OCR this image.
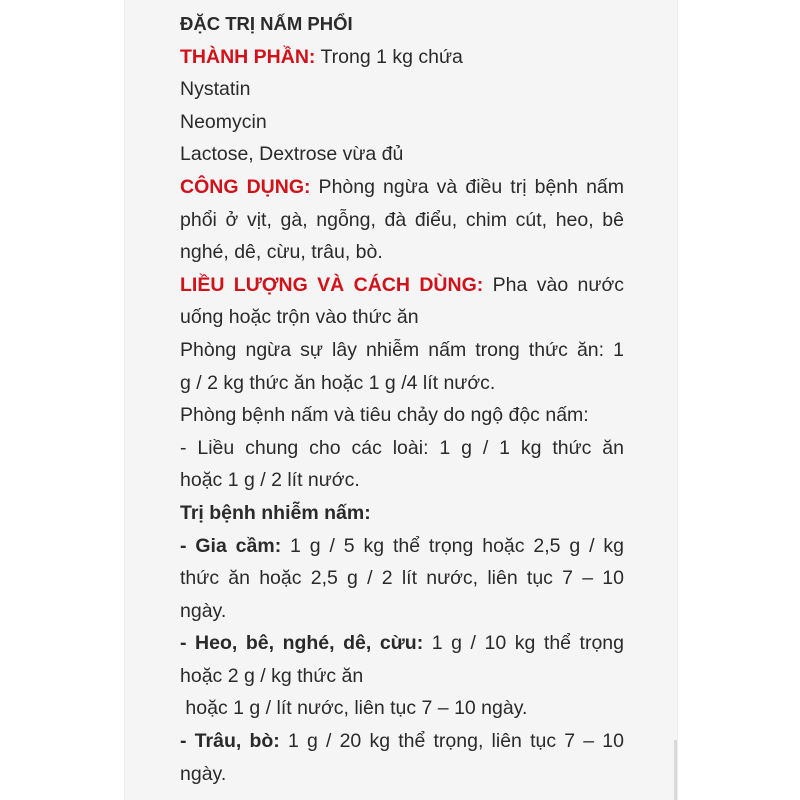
ĐẶC TRỊ NẤM PHỔI
THÀNH PHẦN: Trong 1 kg chứa
Nystatin
Neomycin
Lactose, Dextrose vừa đủ
CÔNG DỤNG: Phòng ngừa và điều trị bệnh nấm
phổi ở vịt, gà, ngỗng, đà điểu, chim cút, heo, bê
nghé, dê, cừu, trâu, bò.
LIỀU LƯỢNG VÀ CÁCH DÙNG: Pha vào nước
uống hoặc trộn vào thức ăn
Phòng ngừa sự lây nhiễm nấm trong thức ăn: 1
g / 2 kg thức ăn hoặc 1 g /4 lít nước.
Phòng bệnh nấm và tiêu chảy do ngộ độc nấm:
- Liều chung cho các loài: 1 g / 1 kg thức ăn
hoặc 1 g / 2 lít nước.
Trị bệnh nhiễm nấm:
- Gia cầm: 1 g / 5 kg thể trọng hoặc 2,5 g / kg
thức ăn hoặc 2,5 g / 2 lít nước, liên tục 7 – 10
ngày.
- Heo, bê, nghé, dê, cừu: 1 g / 10 kg thể trọng
hoặc 2 g / kg thức ăn
hoặc 1 g / lít nước, liên tục 7 – 10 ngày.
- Trâu, bò: 1 g / 20 kg thể trọng, liên tục 7 – 10
ngày.
